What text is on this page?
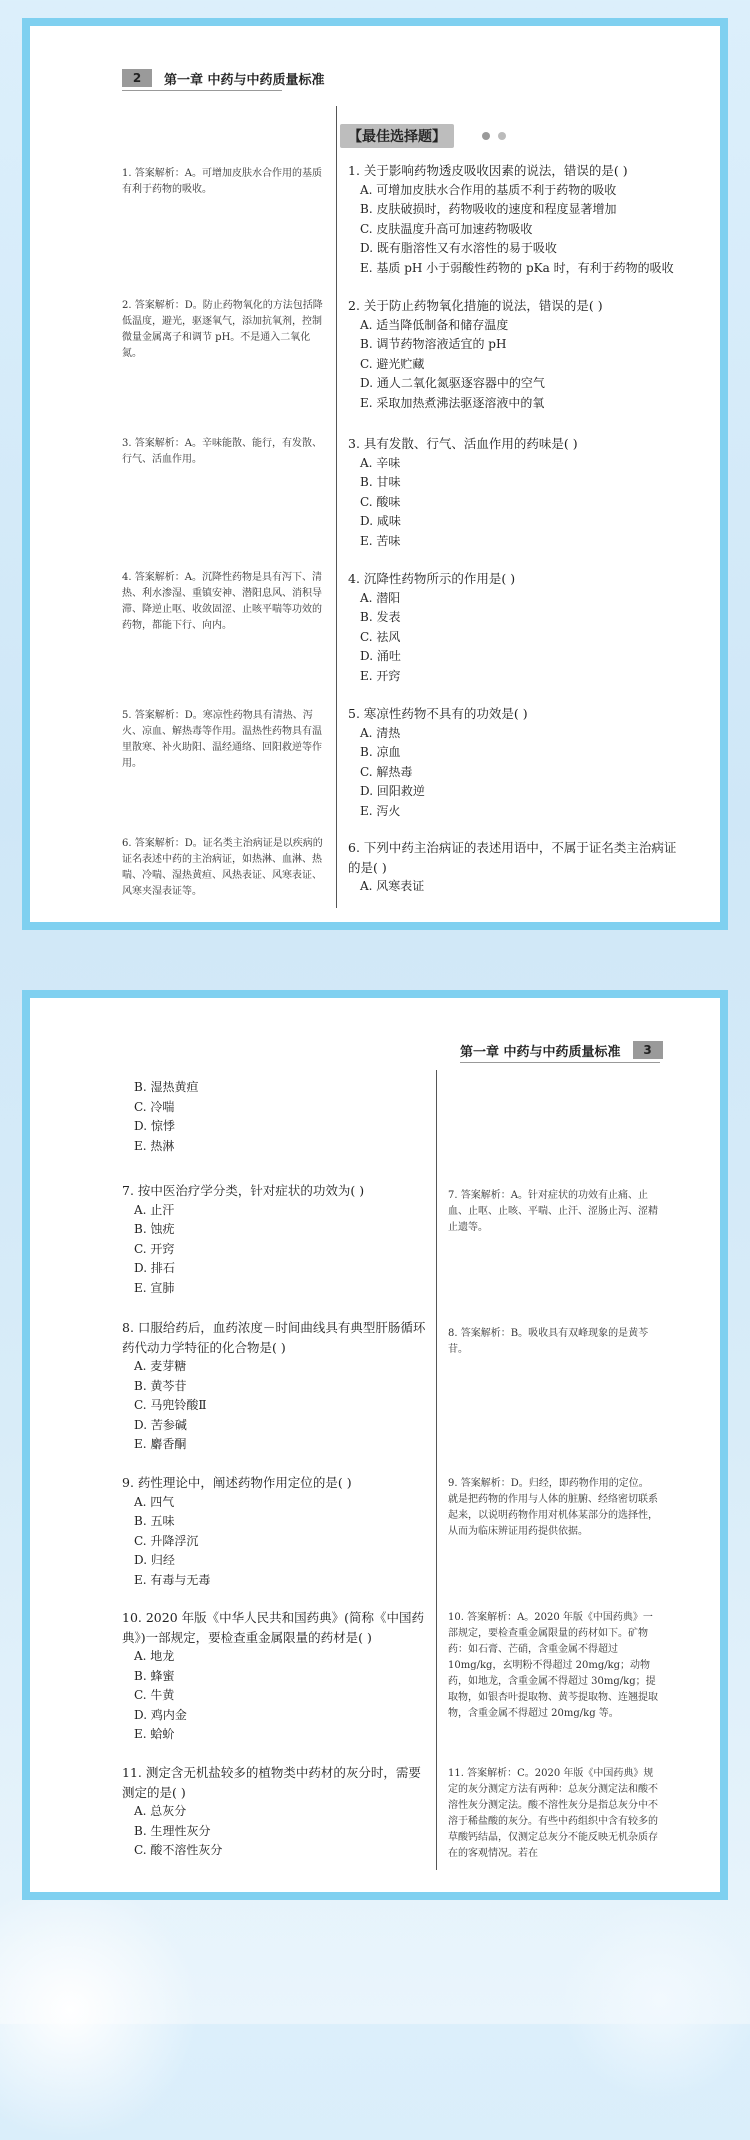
2	第一章 中药与中药质量标准
【最佳选择题】
1. 答案解析：A。可增加皮肤水合作用的基质有利于药物的吸收。
2. 答案解析：D。防止药物氧化的方法包括降低温度，避光，驱逐氧气，添加抗氧剂，控制微量金属离子和调节 pH。不是通入二氧化氮。
3. 答案解析：A。辛味能散、能行，有发散、行气、活血作用。
4. 答案解析：A。沉降性药物是具有泻下、清热、利水渗湿、重镇安神、潜阳息风、消积导滞、降逆止呕、收敛固涩、止咳平喘等功效的药物，都能下行、向内。
5. 答案解析：D。寒凉性药物具有清热、泻火、凉血、解热毒等作用。温热性药物具有温里散寒、补火助阳、温经通络、回阳救逆等作用。
6. 答案解析：D。证名类主治病证是以疾病的证名表述中药的主治病证，如热淋、血淋、热喘、冷喘、湿热黄疸、风热表证、风寒表证、风寒夹湿表证等。
1. 关于影响药物透皮吸收因素的说法，错误的是( )
A. 可增加皮肤水合作用的基质不利于药物的吸收
B. 皮肤破损时，药物吸收的速度和程度显著增加
C. 皮肤温度升高可加速药物吸收
D. 既有脂溶性又有水溶性的易于吸收
E. 基质 pH 小于弱酸性药物的 pKa 时，有利于药物的吸收
2. 关于防止药物氧化措施的说法，错误的是( )
A. 适当降低制备和储存温度
B. 调节药物溶液适宜的 pH
C. 避光贮藏
D. 通人二氧化氮驱逐容器中的空气
E. 采取加热煮沸法驱逐溶液中的氧
3. 具有发散、行气、活血作用的药味是( )
A. 辛味
B. 甘味
C. 酸味
D. 咸味
E. 苦味
4. 沉降性药物所示的作用是( )
A. 潜阳
B. 发表
C. 祛风
D. 涌吐
E. 开窍
5. 寒凉性药物不具有的功效是( )
A. 清热
B. 凉血
C. 解热毒
D. 回阳救逆
E. 泻火
6. 下列中药主治病证的表述用语中，不属于证名类主治病证的是( )
A. 风寒表证
第一章 中药与中药质量标准	3
B. 湿热黄疸
C. 冷喘
D. 惊悸
E. 热淋
7. 按中医治疗学分类，针对症状的功效为( )
A. 止汗
B. 蚀疣
C. 开窍
D. 排石
E. 宣肺
8. 口服给药后，血药浓度－时间曲线具有典型肝肠循环药代动力学特征的化合物是( )
A. 麦芽糖
B. 黄芩苷
C. 马兜铃酸Ⅱ
D. 苦参碱
E. 麝香酮
9. 药性理论中，阐述药物作用定位的是( )
A. 四气
B. 五味
C. 升降浮沉
D. 归经
E. 有毒与无毒
10. 2020 年版《中华人民共和国药典》(简称《中国药典》)一部规定，要检查重金属限量的药材是( )
A. 地龙
B. 蜂蜜
C. 牛黄
D. 鸡内金
E. 蛤蚧
11. 测定含无机盐较多的植物类中药材的灰分时，需要测定的是( )
A. 总灰分
B. 生理性灰分
C. 酸不溶性灰分
7. 答案解析：A。针对症状的功效有止痛、止血、止呕、止咳、平喘、止汗、涩肠止泻、涩精止遗等。
8. 答案解析：B。吸收具有双峰现象的是黄芩苷。
9. 答案解析：D。归经，即药物作用的定位。就是把药物的作用与人体的脏腑、经络密切联系起来，以说明药物作用对机体某部分的选择性，从而为临床辨证用药提供依据。
10. 答案解析：A。2020 年版《中国药典》一部规定，要检查重金属限量的药材如下。矿物药：如石膏、芒硝，含重金属不得超过 10mg/kg，玄明粉不得超过 20mg/kg；动物药，如地龙，含重金属不得超过 30mg/kg；提取物，如银杏叶提取物、黄芩提取物、连翘提取物，含重金属不得超过 20mg/kg 等。
11. 答案解析：C。2020 年版《中国药典》规定的灰分测定方法有两种：总灰分测定法和酸不溶性灰分测定法。酸不溶性灰分是指总灰分中不溶于稀盐酸的灰分。有些中药组织中含有较多的草酸钙结晶，仅测定总灰分不能反映无机杂质存在的客观情况。若在
